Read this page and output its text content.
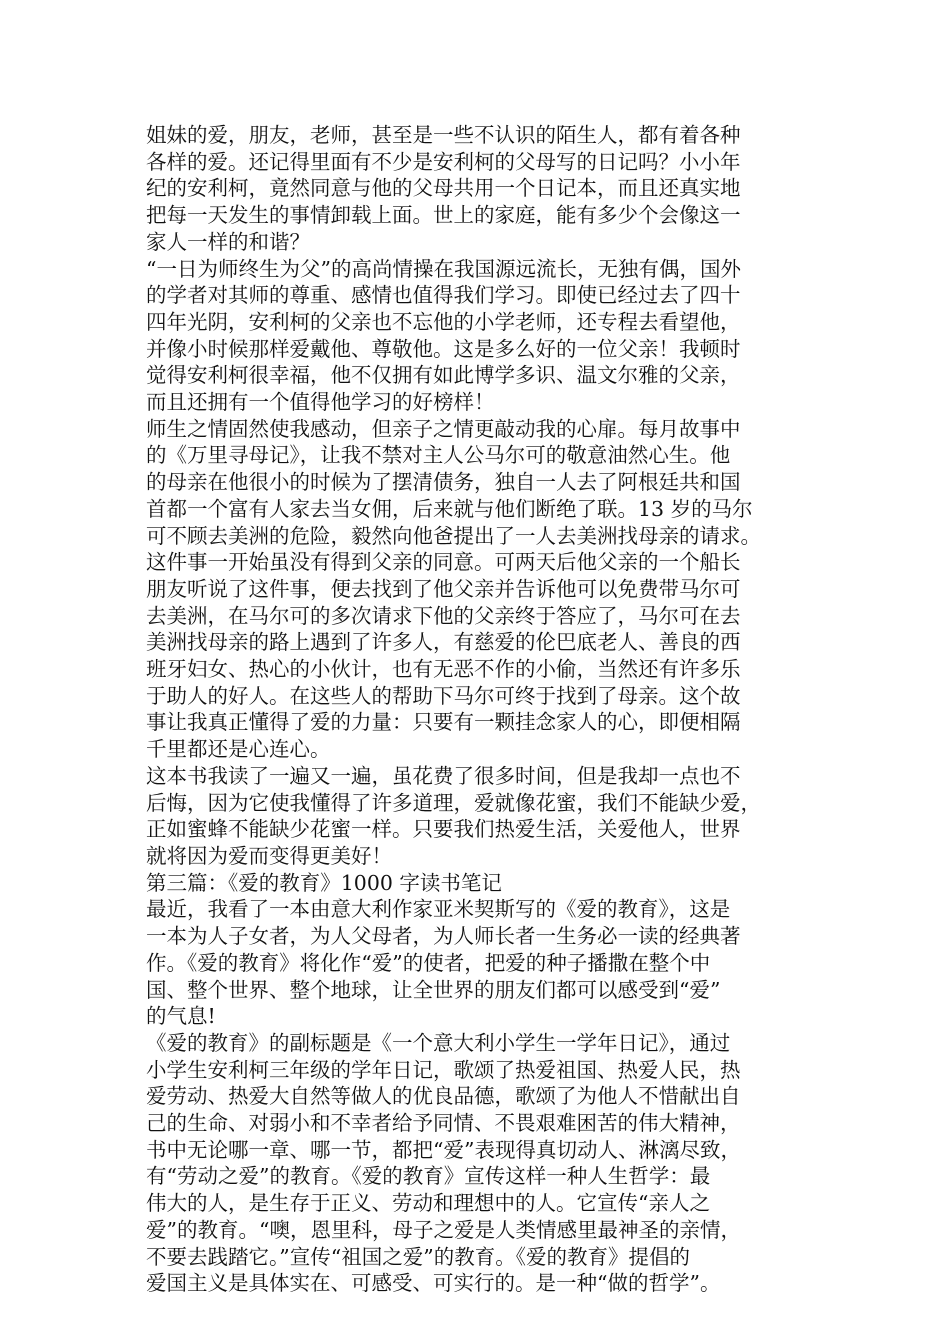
姐妹的爱，朋友，老师，甚至是一些不认识的陌生人，都有着各种
各样的爱。还记得里面有不少是安利柯的父母写的日记吗？小小年
纪的安利柯，竟然同意与他的父母共用一个日记本，而且还真实地
把每一天发生的事情卸载上面。世上的家庭，能有多少个会像这一
家人一样的和谐？

“一日为师终生为父”的高尚情操在我国源远流长，无独有偶，国外
的学者对其师的尊重、感情也值得我们学习。即使已经过去了四十
四年光阴，安利柯的父亲也不忘他的小学老师，还专程去看望他，
并像小时候那样爱戴他、尊敬他。这是多么好的一位父亲！我顿时
觉得安利柯很幸福，他不仅拥有如此博学多识、温文尔雅的父亲，
而且还拥有一个值得他学习的好榜样！

师生之情固然使我感动，但亲子之情更敲动我的心扉。每月故事中
的《万里寻母记》，让我不禁对主人公马尔可的敬意油然心生。他
的母亲在他很小的时候为了摆清债务，独自一人去了阿根廷共和国
首都一个富有人家去当女佣，后来就与他们断绝了联。13 岁的马尔
可不顾去美洲的危险，毅然向他爸提出了一人去美洲找母亲的请求。
这件事一开始虽没有得到父亲的同意。可两天后他父亲的一个船长
朋友听说了这件事，便去找到了他父亲并告诉他可以免费带马尔可
去美洲，在马尔可的多次请求下他的父亲终于答应了，马尔可在去
美洲找母亲的路上遇到了许多人，有慈爱的伦巴底老人、善良的西
班牙妇女、热心的小伙计，也有无恶不作的小偷，当然还有许多乐
于助人的好人。在这些人的帮助下马尔可终于找到了母亲。这个故
事让我真正懂得了爱的力量：只要有一颗挂念家人的心，即便相隔
千里都还是心连心。

这本书我读了一遍又一遍，虽花费了很多时间，但是我却一点也不
后悔，因为它使我懂得了许多道理，爱就像花蜜，我们不能缺少爱，
正如蜜蜂不能缺少花蜜一样。只要我们热爱生活，关爱他人，世界
就将因为爱而变得更美好！

第三篇：《爱的教育》1000 字读书笔记

最近，我看了一本由意大利作家亚米契斯写的《爱的教育》，这是
一本为人子女者，为人父母者，为人师长者一生务必一读的经典著
作。《爱的教育》将化作“爱”的使者，把爱的种子播撒在整个中
国、整个世界、整个地球，让全世界的朋友们都可以感受到“爱”
的气息!

《爱的教育》的副标题是《一个意大利小学生一学年日记》，通过
小学生安利柯三年级的学年日记，歌颂了热爱祖国、热爱人民，热
爱劳动、热爱大自然等做人的优良品德，歌颂了为他人不惜献出自
己的生命、对弱小和不幸者给予同情、不畏艰难困苦的伟大精神，
书中无论哪一章、哪一节，都把“爱”表现得真切动人、淋漓尽致，
有“劳动之爱”的教育。《爱的教育》宣传这样一种人生哲学：最
伟大的人，是生存于正义、劳动和理想中的人。它宣传“亲人之
爱”的教育。“噢，恩里科，母子之爱是人类情感里最神圣的亲情，
不要去践踏它。”宣传“祖国之爱”的教育。《爱的教育》提倡的
爱国主义是具体实在、可感受、可实行的。是一种“做的哲学”。
